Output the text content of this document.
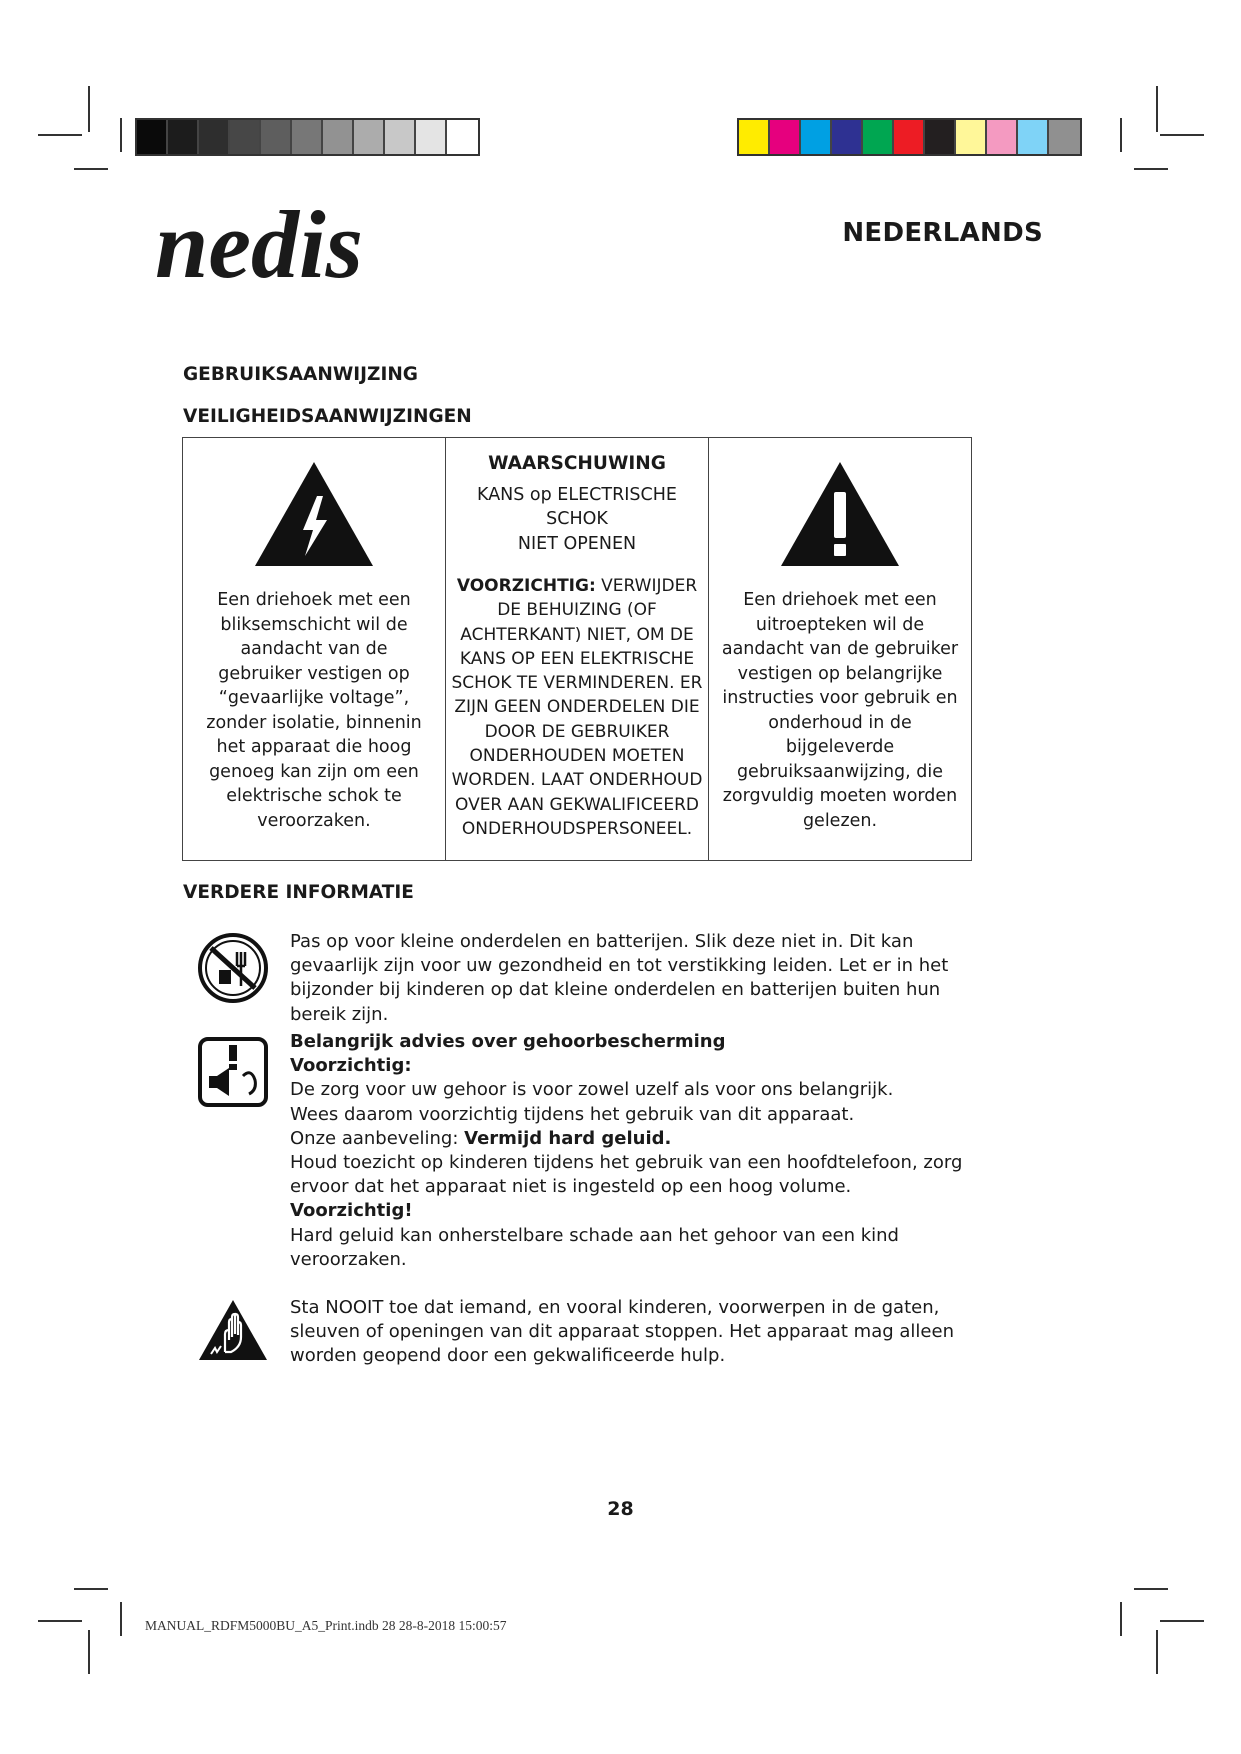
nedis	NEDERLANDS
GEBRUIKSAANWIJZING
VEILIGHEIDSAANWIJZINGEN
Een driehoek met een bliksemschicht wil de aandacht van de gebruiker vestigen op “gevaarlijke voltage”, zonder isolatie, binnenin het apparaat die hoog genoeg kan zijn om een elektrische schok te veroorzaken.

WAARSCHUWING
KANS op ELECTRISCHE
SCHOK
NIET OPENEN
VOORZICHTIG: VERWIJDER DE BEHUIZING (OF ACHTERKANT) NIET, OM DE KANS OP EEN ELEKTRISCHE SCHOK TE VERMINDEREN. ER ZIJN GEEN ONDERDELEN DIE DOOR DE GEBRUIKER ONDERHOUDEN MOETEN WORDEN. LAAT ONDERHOUD OVER AAN GEKWALIFICEERD ONDERHOUDSPERSONEEL.

Een driehoek met een uitroepteken wil de aandacht van de gebruiker vestigen op belangrijke instructies voor gebruik en onderhoud in de bijgeleverde gebruiksaanwijzing, die zorgvuldig moeten worden gelezen.
VERDERE INFORMATIE
Pas op voor kleine onderdelen en batterijen. Slik deze niet in. Dit kan gevaarlijk zijn voor uw gezondheid en tot verstikking leiden. Let er in het bijzonder bij kinderen op dat kleine onderdelen en batterijen buiten hun bereik zijn.

Belangrijk advies over gehoorbescherming

Voorzichtig:

De zorg voor uw gehoor is voor zowel uzelf als voor ons belangrijk.

Wees daarom voorzichtig tijdens het gebruik van dit apparaat.

Onze aanbeveling: Vermijd hard geluid.

Houd toezicht op kinderen tijdens het gebruik van een hoofdtelefoon, zorg ervoor dat het apparaat niet is ingesteld op een hoog volume.

Voorzichtig!

Hard geluid kan onherstelbare schade aan het gehoor van een kind veroorzaken.

Sta NOOIT toe dat iemand, en vooral kinderen, voorwerpen in de gaten, sleuven of openingen van dit apparaat stoppen. Het apparaat mag alleen worden geopend door een gekwalificeerde hulp.
28
MANUAL_RDFM5000BU_A5_Print.indb 28 28-8-2018 15:00:57
